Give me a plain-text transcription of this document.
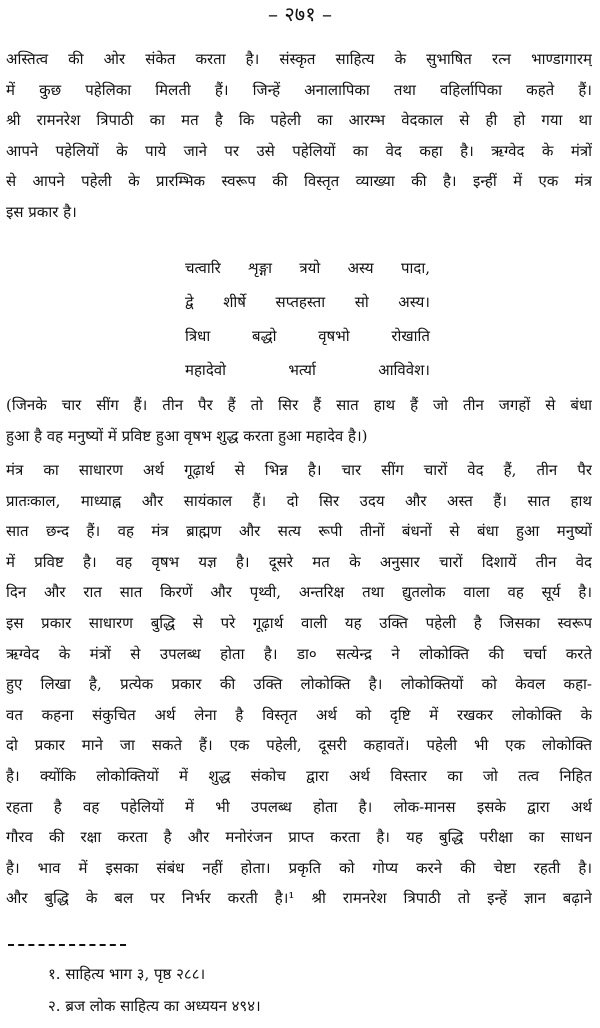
– २७१ –
अस्तित्व की ओर संकेत करता है। संस्कृत साहित्य के सुभाषित रत्न भाण्डागारम्
में कुछ पहेलिका मिलती हैं। जिन्हें अनालापिका तथा वहिर्लापिका कहते हैं।
श्री रामनरेश त्रिपाठी का मत है कि पहेली का आरम्भ वेदकाल से ही हो गया था
आपने पहेलियों के पाये जाने पर उसे पहेलियों का वेद कहा है। ऋग्वेद के मंत्रों
से आपने पहेली के प्रारम्भिक स्वरूप की विस्तृत व्याख्या की है। इन्हीं में एक मंत्र
इस प्रकार है।
चत्वारि शृङ्गा त्रयो अस्य पादा,
द्वे शीर्षे सप्तहस्ता सो अस्य।
त्रिधा बद्धो वृषभो रोखाति
महादेवो भर्त्या आविवेश।
(जिनके चार सींग हैं। तीन पैर हैं तो सिर हैं सात हाथ हैं जो तीन जगहों से बंधा
हुआ है वह मनुष्यों में प्रविष्ट हुआ वृषभ शुद्ध करता हुआ महादेव है।)
मंत्र का साधारण अर्थ गूढ़ार्थ से भिन्न है। चार सींग चारों वेद हैं, तीन पैर
प्रातःकाल, माध्याह्न और सायंकाल हैं। दो सिर उदय और अस्त हैं। सात हाथ
सात छन्द हैं। वह मंत्र ब्राह्मण और सत्य रूपी तीनों बंधनों से बंधा हुआ मनुष्यों
में प्रविष्ट है। वह वृषभ यज्ञ है। दूसरे मत के अनुसार चारों दिशायें तीन वेद
दिन और रात सात किरणें और पृथ्वी, अन्तरिक्ष तथा द्युतलोक वाला वह सूर्य है।
इस प्रकार साधारण बुद्धि से परे गूढ़ार्थ वाली यह उक्ति पहेली है जिसका स्वरूप
ऋग्वेद के मंत्रों से उपलब्ध होता है। डा० सत्येन्द्र ने लोकोक्ति की चर्चा करते
हुए लिखा है, प्रत्येक प्रकार की उक्ति लोकोक्ति है। लोकोक्तियों को केवल कहा-
वत कहना संकुचित अर्थ लेना है विस्तृत अर्थ को दृष्टि में रखकर लोकोक्ति के
दो प्रकार माने जा सकते हैं। एक पहेली, दूसरी कहावतें। पहेली भी एक लोकोक्ति
है। क्योंकि लोकोक्तियों में शुद्ध संकोच द्वारा अर्थ विस्तार का जो तत्व निहित
रहता है वह पहेलियों में भी उपलब्ध होता है। लोक-मानस इसके द्वारा अर्थ
गौरव की रक्षा करता है और मनोरंजन प्राप्त करता है। यह बुद्धि परीक्षा का साधन
है। भाव में इसका संबंध नहीं होता। प्रकृति को गोप्य करने की चेष्टा रहती है।
और बुद्धि के बल पर निर्भर करती है।¹ श्री रामनरेश त्रिपाठी तो इन्हें ज्ञान बढ़ाने
१. साहित्य भाग ३, पृष्ठ २८८।
२. ब्रज लोक साहित्य का अध्ययन ४९४।
